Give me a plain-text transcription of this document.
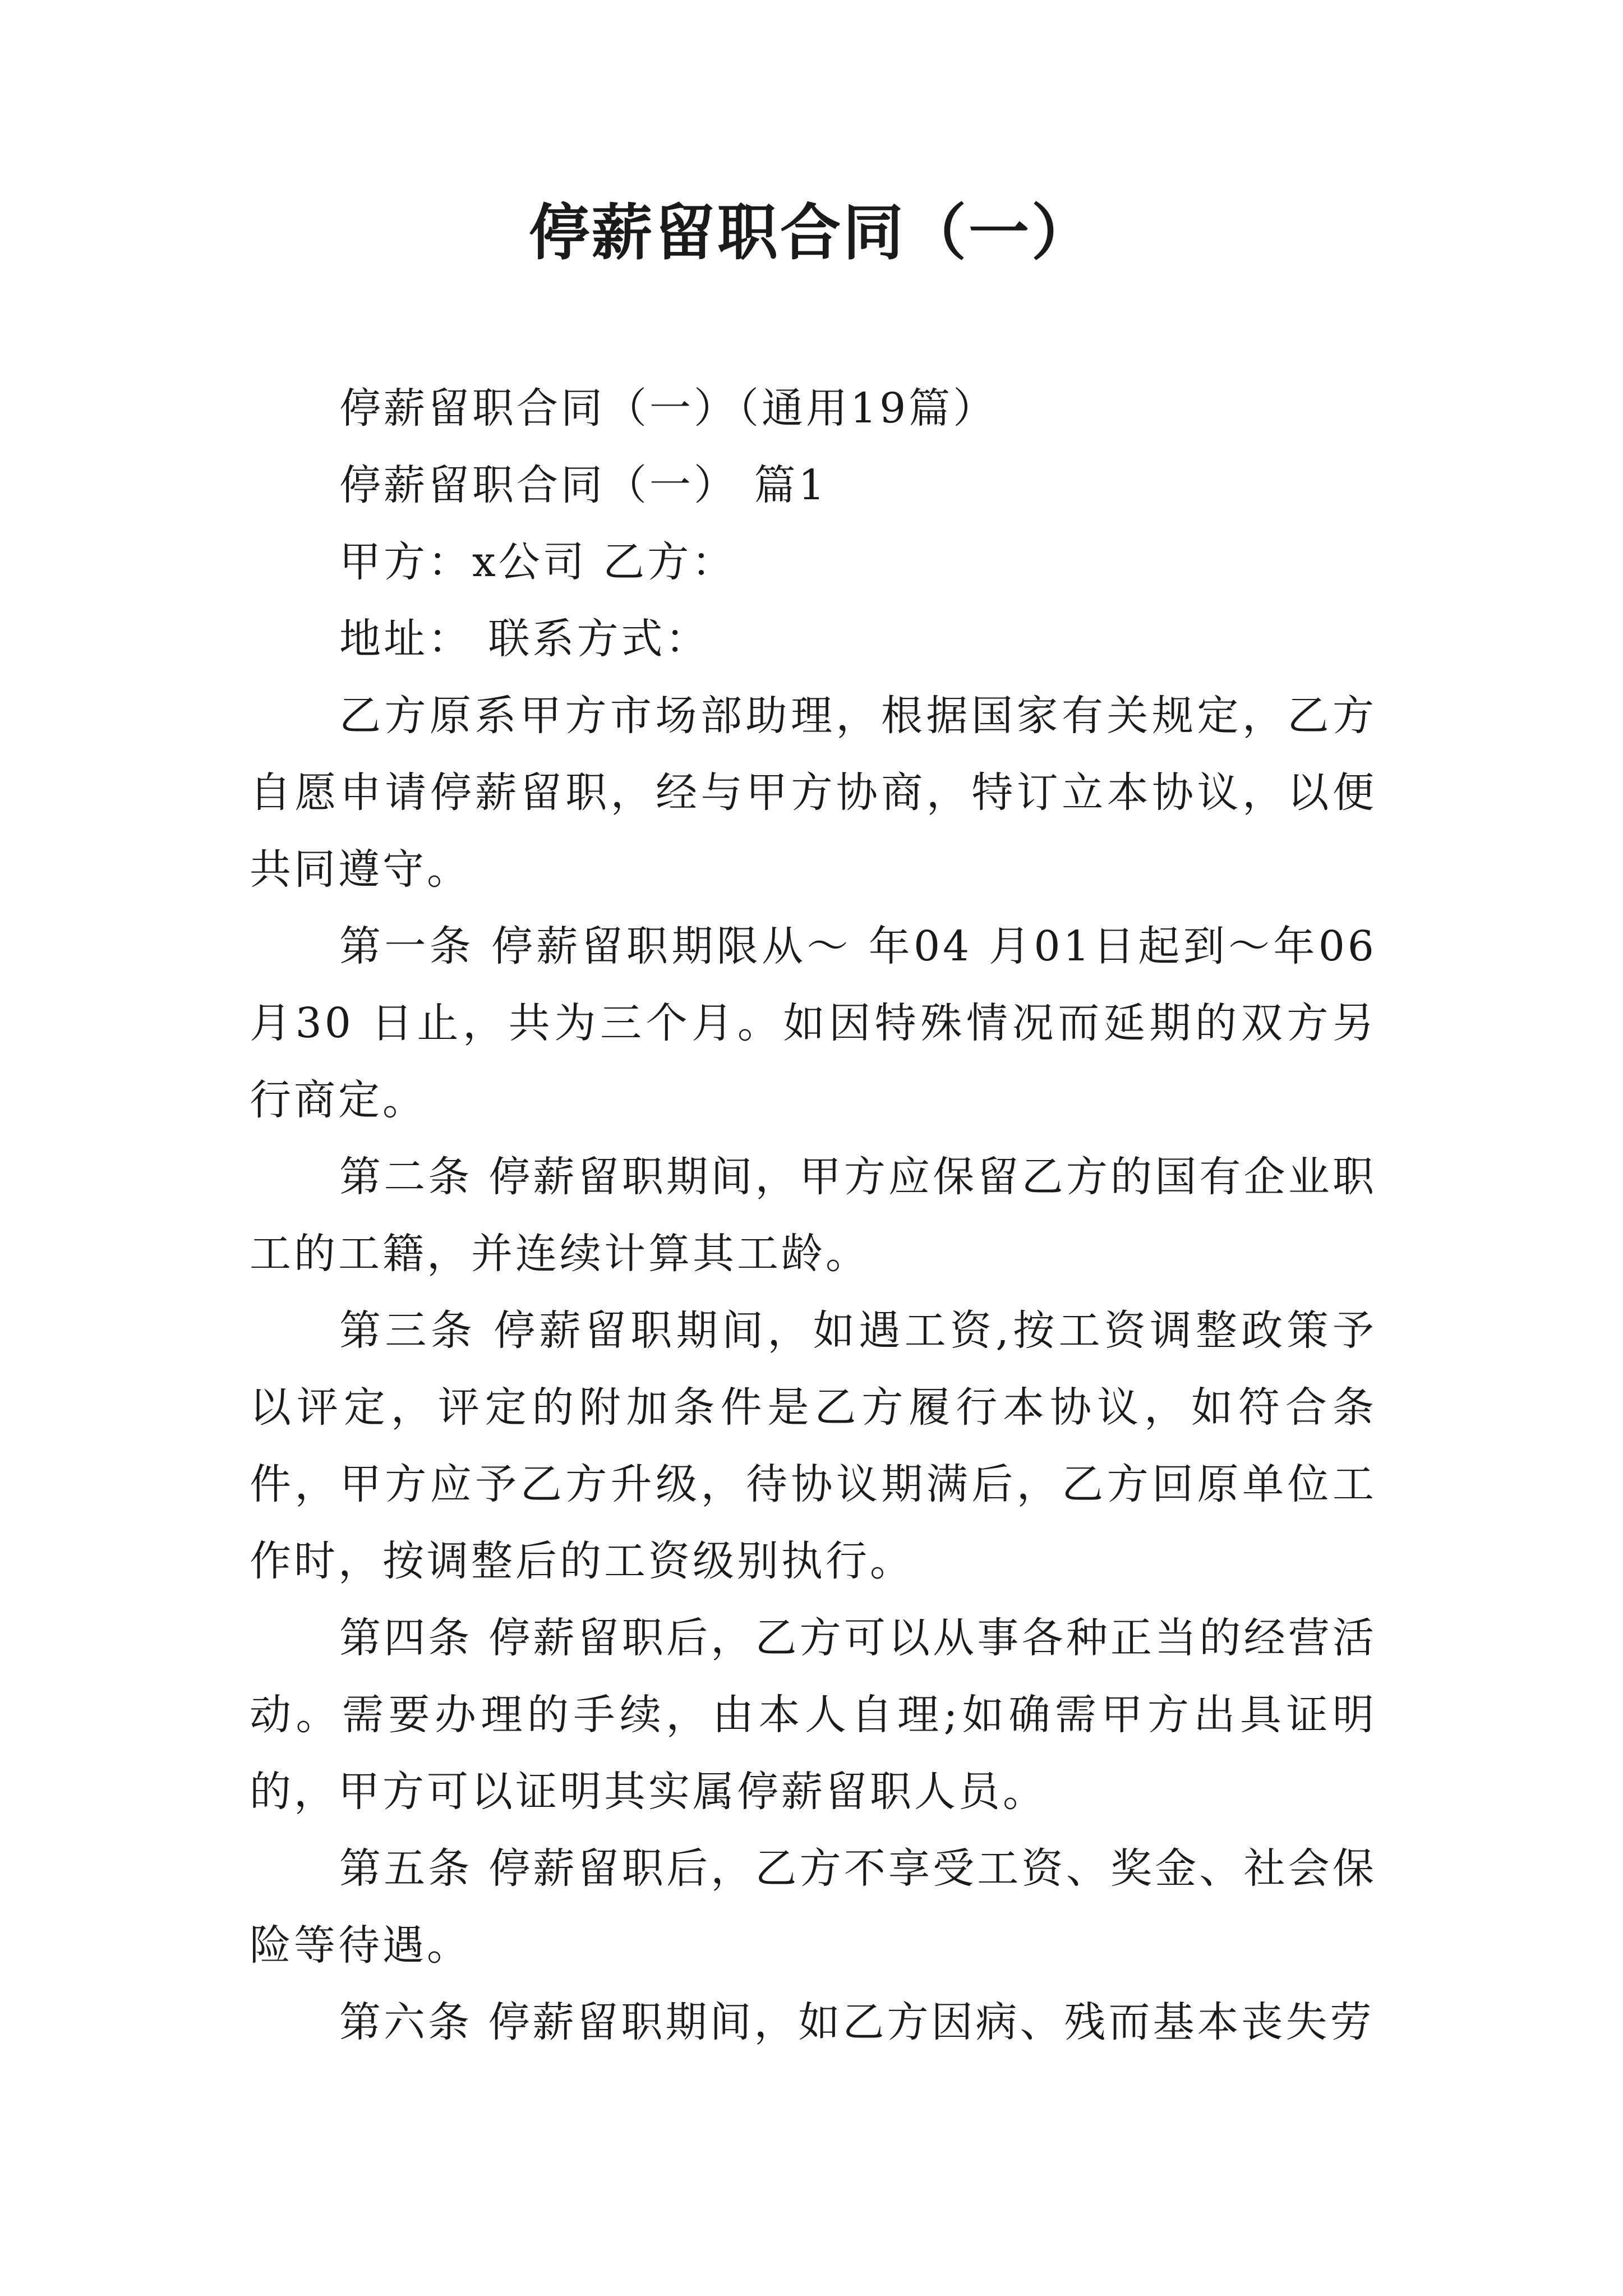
停薪留职合同（一）

停薪留职合同（一）（通用19篇）

停薪留职合同（一） 篇1

甲方：x公司 乙方：

地址： 联系方式：

乙方原系甲方市场部助理，根据国家有关规定，乙方自愿申请停薪留职，经与甲方协商，特订立本协议，以便共同遵守。

第一条 停薪留职期限从～ 年04 月01日起到～年06月30 日止，共为三个月。如因特殊情况而延期的双方另行商定。

第二条 停薪留职期间，甲方应保留乙方的国有企业职工的工籍，并连续计算其工龄。

第三条 停薪留职期间，如遇工资,按工资调整政策予以评定，评定的附加条件是乙方履行本协议，如符合条件，甲方应予乙方升级，待协议期满后，乙方回原单位工作时，按调整后的工资级别执行。

第四条 停薪留职后，乙方可以从事各种正当的经营活动。需要办理的手续，由本人自理;如确需甲方出具证明的，甲方可以证明其实属停薪留职人员。

第五条 停薪留职后，乙方不享受工资、奖金、社会保险等待遇。

第六条 停薪留职期间，如乙方因病、残而基本丧失劳
